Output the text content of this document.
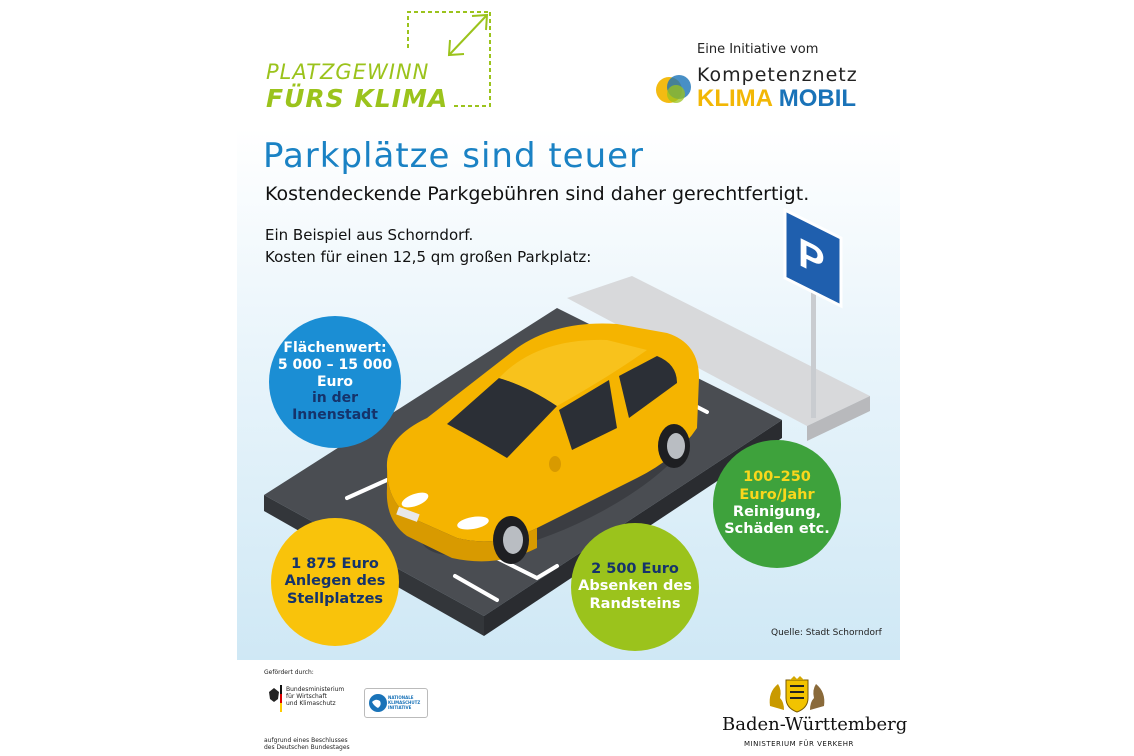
PLATZGEWINN
FÜRS KLIMA
Eine Initiative vom
Kompetenznetz
KLIMA MOBIL
P
Parkplätze sind teuer
Kostendeckende Parkgebühren sind daher gerechtfertigt.
Ein Beispiel aus Schorndorf.
Kosten für einen 12,5 qm großen Parkplatz:
Flächenwert:
5 000 – 15 000
Euro
in der Innenstadt
1 875 Euro
Anlegen des
Stellplatzes
2 500 Euro
Absenken des
Randsteins
100–250
Euro/Jahr
Reinigung,
Schäden etc.
Quelle: Stadt Schorndorf
Gefördert durch:
Bundesministerium
für Wirtschaft
und Klimaschutz
NATIONALE
KLIMASCHUTZ
INITIATIVE
aufgrund eines Beschlusses
des Deutschen Bundestages
Baden-Württemberg
MINISTERIUM FÜR VERKEHR
